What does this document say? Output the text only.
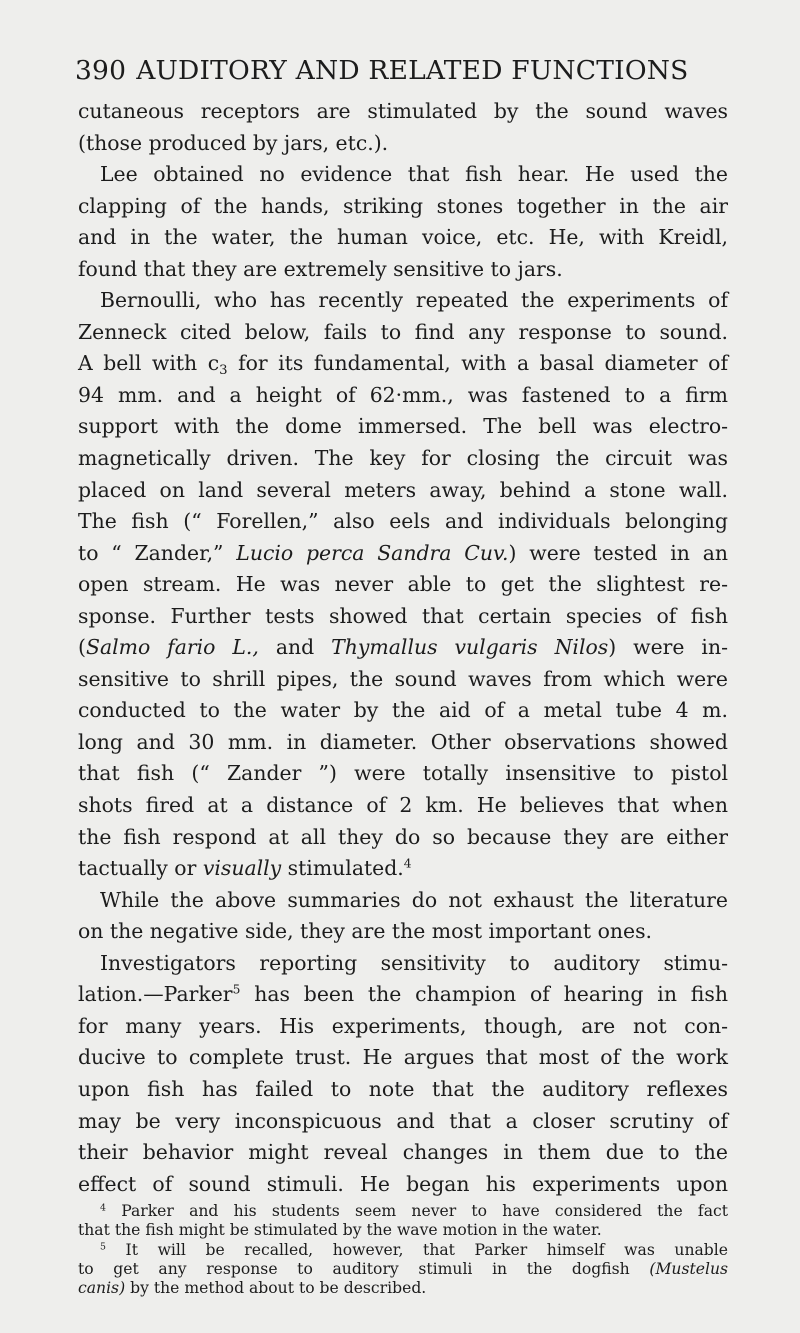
390 AUDITORY AND RELATED FUNCTIONS
cutaneous receptors are stimulated by the sound waves
(those produced by jars, etc.).
Lee obtained no evidence that fish hear. He used the
clapping of the hands, striking stones together in the air
and in the water, the human voice, etc. He, with Kreidl,
found that they are extremely sensitive to jars.
Bernoulli, who has recently repeated the experiments of
Zenneck cited below, fails to find any response to sound.
A bell with $c_3$ for its fundamental, with a basal diameter of
94 mm. and a height of 62·mm., was fastened to a firm
support with the dome immersed. The bell was electro-
magnetically driven. The key for closing the circuit was
placed on land several meters away, behind a stone wall.
The fish (“ Forellen,” also eels and individuals belonging
to “ Zander,” Lucio perca Sandra Cuv.) were tested in an
open stream. He was never able to get the slightest re-
sponse. Further tests showed that certain species of fish
(Salmo fario L., and Thymallus vulgaris Nilos) were in-
sensitive to shrill pipes, the sound waves from which were
conducted to the water by the aid of a metal tube 4 m.
long and 30 mm. in diameter. Other observations showed
that fish (“ Zander ”) were totally insensitive to pistol
shots fired at a distance of 2 km. He believes that when
the fish respond at all they do so because they are either
tactually or visually stimulated.$^4$
While the above summaries do not exhaust the literature
on the negative side, they are the most important ones.
Investigators reporting sensitivity to auditory stimu-
lation.—Parker$^5$ has been the champion of hearing in fish
for many years. His experiments, though, are not con-
ducive to complete trust. He argues that most of the work
upon fish has failed to note that the auditory reflexes
may be very inconspicuous and that a closer scrutiny of
their behavior might reveal changes in them due to the
effect of sound stimuli. He began his experiments upon
$^4$ Parker and his students seem never to have considered the fact
that the fish might be stimulated by the wave motion in the water.
$^5$ It will be recalled, however, that Parker himself was unable
to get any response to auditory stimuli in the dogfish (Mustelus
canis) by the method about to be described.
